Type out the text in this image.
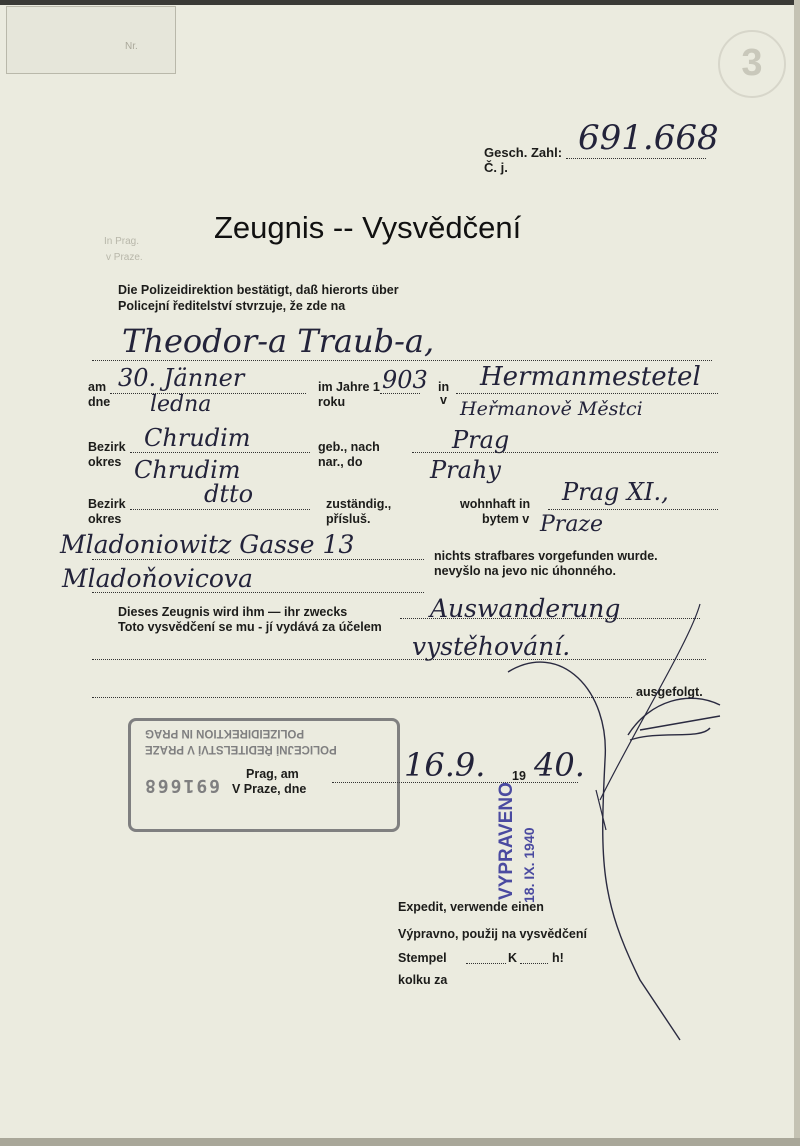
Nr.	3
In Prag.
v Praze.
Gesch. Zahl:
Č. j.
691.668
Zeugnis -- Vysvědčení
Die Polizeidirektion bestätigt, daß hierorts über
Policejní ředitelství stvrzuje, že zde na
Theodor-a Traub-a,
am
dne
30. Jänner
ledna
im Jahre 1
roku
903 in
v
Hermanmestetel
Heřmanově Městci
Bezirk
okres
Chrudim
Chrudim
geb., nach
nar., do
Prag
Prahy
Bezirk
okres
dtto	zuständig.,
přísluš.
wohnhaft in
bytem v
Prag XI.,
Praze
Mladoniowitz Gasse 13	nichts strafbares vorgefunden wurde.
nevyšlo na jevo nic úhonného.
Mladoňovicova
Dieses Zeugnis wird ihm — ihr zwecks
Toto vysvědčení se mu - jí vydává za účelem
Auswanderung
vystěhování.
ausgefolgt.
POLIZEIDIREKTION IN PRAG
POLICEJNÍ ŘEDITELSTVÍ V PRAZE
691668
Prag, am
V Praze, dne
16.9. 19 40.
VYPRAVENO 18. IX. 1940
Expedit, verwende einen
Výpravno, použij na vysvědčení
Stempel	K	h!
kolku za
